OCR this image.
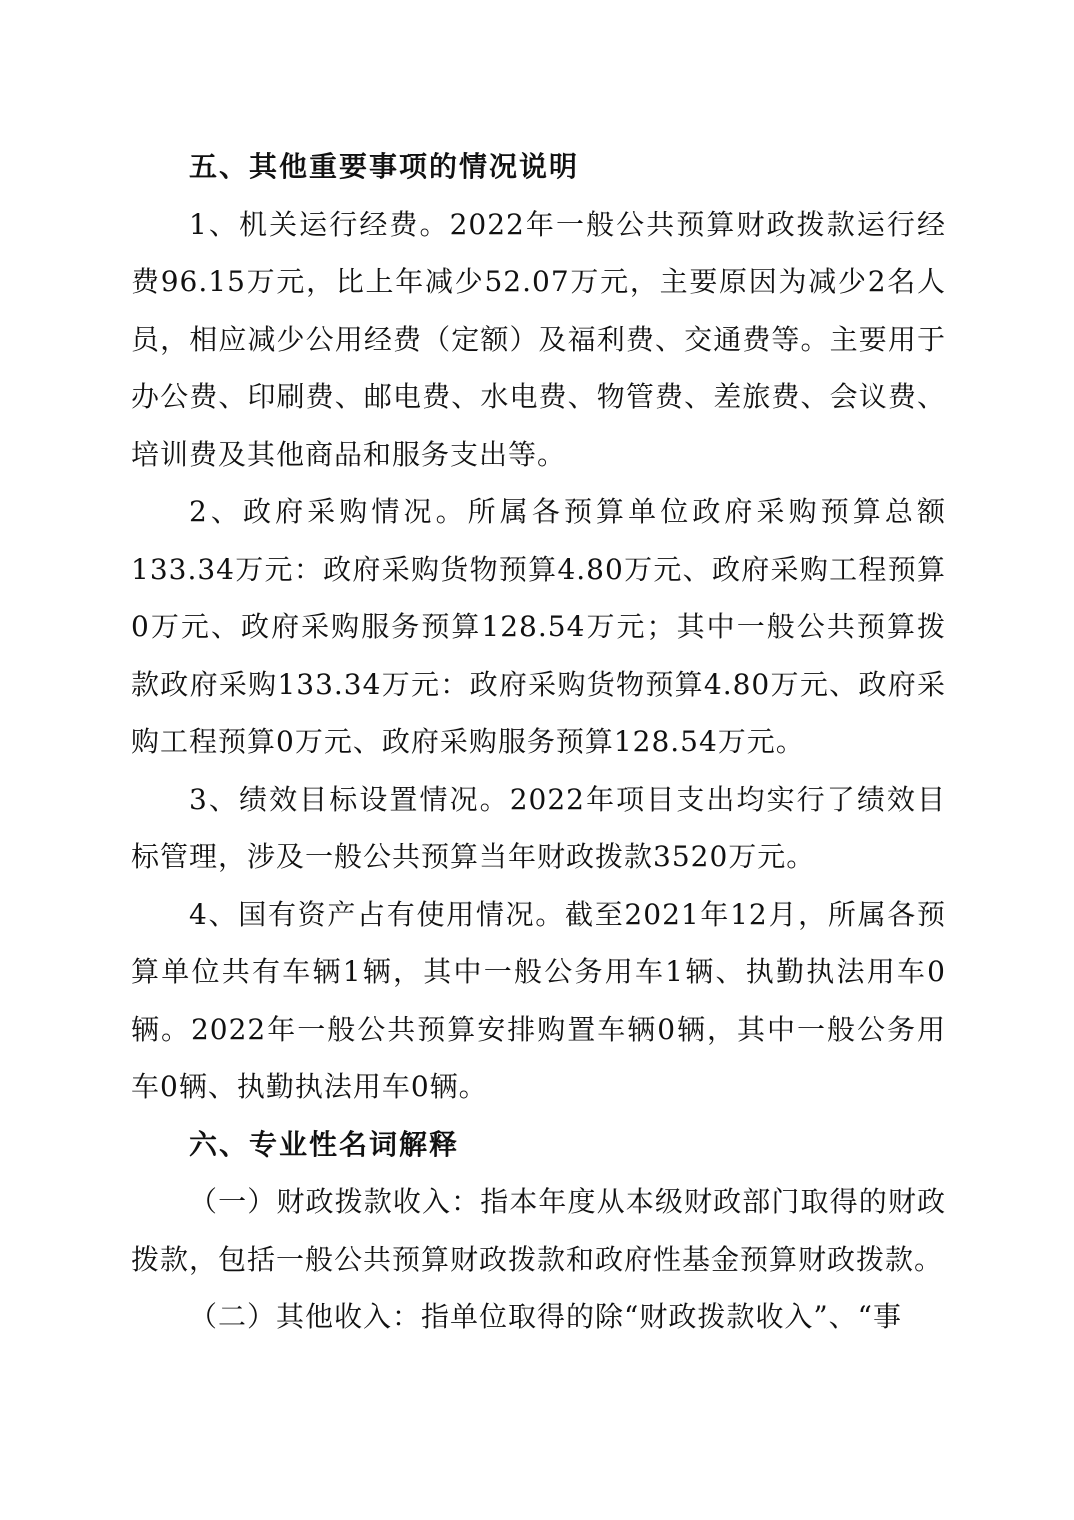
五、其他重要事项的情况说明

1、机关运行经费。2022年一般公共预算财政拨款运行经费96.15万元，比上年减少52.07万元，主要原因为减少2名人员，相应减少公用经费（定额）及福利费、交通费等。主要用于办公费、印刷费、邮电费、水电费、物管费、差旅费、会议费、培训费及其他商品和服务支出等。

2、政府采购情况。所属各预算单位政府采购预算总额133.34万元：政府采购货物预算4.80万元、政府采购工程预算0万元、政府采购服务预算128.54万元；其中一般公共预算拨款政府采购133.34万元：政府采购货物预算4.80万元、政府采购工程预算0万元、政府采购服务预算128.54万元。

3、绩效目标设置情况。2022年项目支出均实行了绩效目标管理，涉及一般公共预算当年财政拨款3520万元。

4、国有资产占有使用情况。截至2021年12月，所属各预算单位共有车辆1辆，其中一般公务用车1辆、执勤执法用车0辆。2022年一般公共预算安排购置车辆0辆，其中一般公务用车0辆、执勤执法用车0辆。

六、专业性名词解释

（一）财政拨款收入：指本年度从本级财政部门取得的财政拨款，包括一般公共预算财政拨款和政府性基金预算财政拨款。

（二）其他收入：指单位取得的除“财政拨款收入”、“事
